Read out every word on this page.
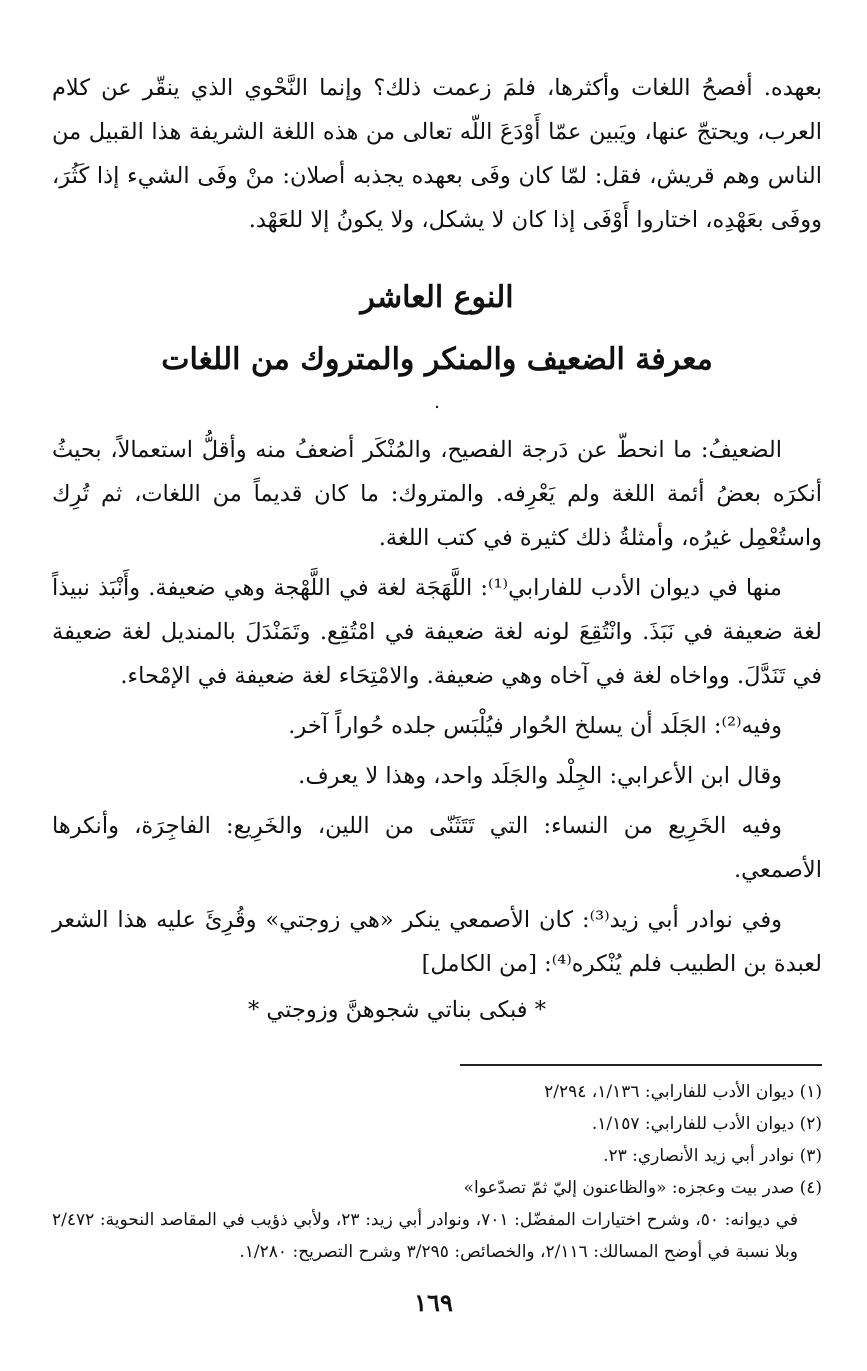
بعهده. أفصحُ اللغات وأكثرها، فلمَ زعمت ذلك؟ وإنما النَّحْوي الذي ينقّر عن كلام العرب، ويحتجّ عنها، ويَبين عمّا أَوْدَعَ اللّه تعالى من هذه اللغة الشريفة هذا القبيل من الناس وهم قريش، فقل: لمّا كان وفَى بعهده يجذبه أصلان: منْ وفَى الشيء إذا كَثُرَ، ووفَى بعَهْدِه، اختاروا أَوْفَى إذا كان لا يشكل، ولا يكونُ إلا للعَهْد.

النوع العاشر
معرفة الضعيف والمنكر والمتروك من اللغات
٠

الضعيفُ: ما انحطّ عن دَرجة الفصيح، والمُنْكَر أضعفُ منه وأقلُّ استعمالاً، بحيثُ أنكرَه بعضُ أئمة اللغة ولم يَعْرِفه. والمتروك: ما كان قديماً من اللغات، ثم تُرِك واستُعْمِل غيرُه، وأمثلةُ ذلك كثيرة في كتب اللغة.

منها في ديوان الأدب للفارابي⁽¹⁾: اللَّهَجَة لغة في اللَّهْجة وهي ضعيفة. وأَنْبَذ نبيذاً لغة ضعيفة في نَبَذَ. وانْتُقِعَ لونه لغة ضعيفة في امْتُقِع. وتَمَنْدَلَ بالمنديل لغة ضعيفة في تَنَدَّلَ. وواخاه لغة في آخاه وهي ضعيفة. والامْتِحَاء لغة ضعيفة في الإمْحاء.

وفيه⁽²⁾: الجَلَد أن يسلخ الحُوار فيُلْبَس جلده حُواراً آخر.

وقال ابن الأعرابي: الجِلْد والجَلَد واحد، وهذا لا يعرف.

وفيه الخَرِيع من النساء: التي تَتَثَنّى من اللين، والخَرِيع: الفاجِرَة، وأنكرها الأصمعي.

وفي نوادر أبي زيد⁽³⁾: كان الأصمعي ينكر «هي زوجتي» وقُرِئَ عليه هذا الشعر لعبدة بن الطبيب فلم يُنْكره⁽⁴⁾: [من الكامل]

* فبكى بناتي شجوهنَّ وزوجتي *

(١) ديوان الأدب للفارابي: ١/١٣٦، ٢/٢٩٤

(٢) ديوان الأدب للفارابي: ١/١٥٧.

(٣) نوادر أبي زيد الأنصاري: ٢٣.

(٤) صدر بيت وعجزه: «والظاعنون إليّ ثمّ تصدّعوا»

في ديوانه: ٥٠، وشرح اختيارات المفضّل: ٧٠١، ونوادر أبي زيد: ٢٣، ولأبي ذؤيب في المقاصد النحوية: ٢/٤٧٢ وبلا نسبة في أوضح المسالك: ٢/١١٦، والخصائص: ٣/٢٩٥ وشرح التصريح: ١/٢٨٠.

١٦٩
